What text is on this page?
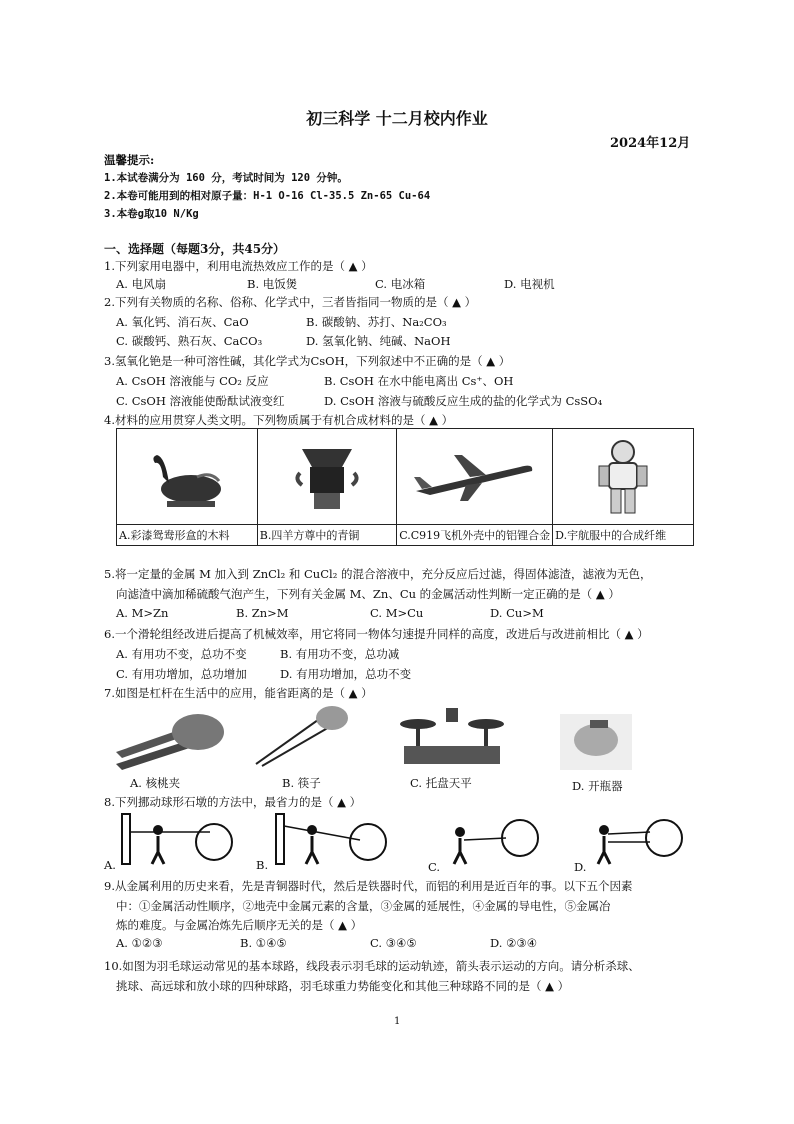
初三科学 十二月校内作业
2024年12月
温馨提示:
1.本试卷满分为 160 分，考试时间为 120 分钟。
2.本卷可能用到的相对原子量：H-1 O-16 Cl-35.5 Zn-65 Cu-64
3.本卷g取10 N/Kg
一、选择题（每题3分，共45分）
1.下列家用电器中，利用电流热效应工作的是（ ▲ ）
A. 电风扇	B. 电饭煲	C. 电冰箱	D. 电视机
2.下列有关物质的名称、俗称、化学式中，三者皆指同一物质的是（ ▲ ）
A. 氧化钙、消石灰、CaO	B. 碳酸钠、苏打、Na₂CO₃
C. 碳酸钙、熟石灰、CaCO₃	D. 氢氧化钠、纯碱、NaOH
3.氢氧化铯是一种可溶性碱，其化学式为CsOH，下列叙述中不正确的是（ ▲ ）
A. CsOH 溶液能与 CO₂ 反应	B. CsOH 在水中能电离出 Cs⁺、OH
C. CsOH 溶液能使酚酞试液变红	D. CsOH 溶液与硫酸反应生成的盐的化学式为 CsSO₄
4.材料的应用贯穿人类文明。下列物质属于有机合成材料的是（ ▲ ）
A.彩漆鸳鸯形盒的木料	B.四羊方尊中的青铜	C.C919飞机外壳中的铝锂合金	D.宇航服中的合成纤维
5.将一定量的金属 M 加入到 ZnCl₂ 和 CuCl₂ 的混合溶液中，充分反应后过滤，得固体滤渣，滤液为无色，
向滤渣中滴加稀硫酸气泡产生，下列有关金属 M、Zn、Cu 的金属活动性判断一定正确的是（ ▲ ）
A. M>Zn	B. Zn>M	C. M>Cu	D. Cu>M
6.一个滑轮组经改进后提高了机械效率，用它将同一物体匀速提升同样的高度，改进后与改进前相比（ ▲ ）
A. 有用功不变，总功不变	B. 有用功不变，总功减
C. 有用功增加，总功增加	D. 有用功增加，总功不变
7.如图是杠杆在生活中的应用，能省距离的是（ ▲ ）
A. 核桃夹	B. 筷子	C. 托盘天平	D. 开瓶器
8.下列挪动球形石墩的方法中，最省力的是（ ▲ ）
A.	B.	C.	D.
9.从金属利用的历史来看，先是青铜器时代，然后是铁器时代，而铝的利用是近百年的事。以下五个因素
中：①金属活动性顺序，②地壳中金属元素的含量，③金属的延展性，④金属的导电性，⑤金属冶
炼的难度。与金属冶炼先后顺序无关的是（ ▲ ）
A. ①②③	B. ①④⑤	C. ③④⑤	D. ②③④
10.如图为羽毛球运动常见的基本球路，线段表示羽毛球的运动轨迹，箭头表示运动的方向。请分析杀球、
挑球、高远球和放小球的四种球路，羽毛球重力势能变化和其他三种球路不同的是（ ▲ ）
1
